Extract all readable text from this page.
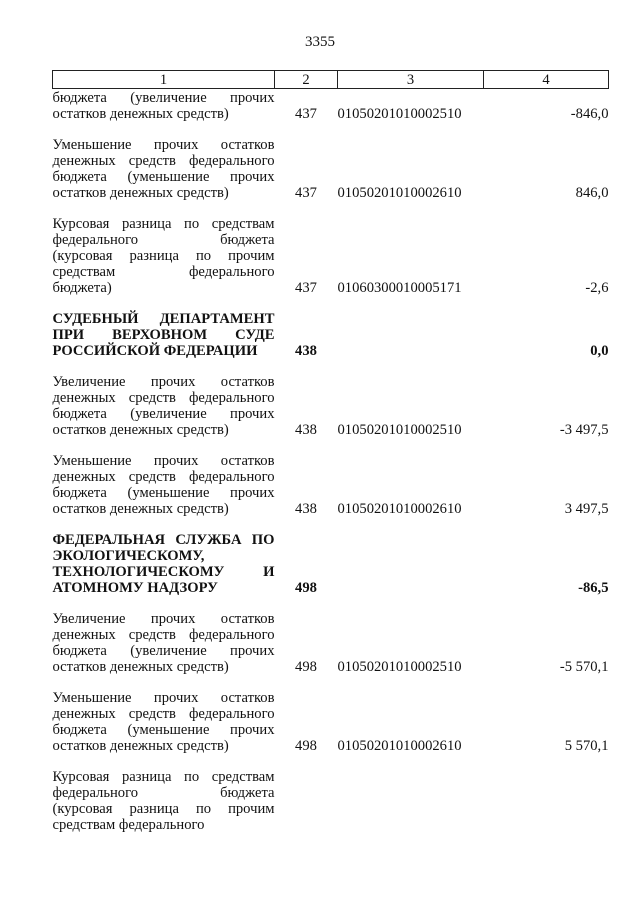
3355
1	2	3	4

бюджета (увеличение прочих
остатков денежных средств)	437	01050201010002510	-846,0

Уменьшение прочих остатков
денежных средств федерального
бюджета (уменьшение прочих
остатков денежных средств)	437	01050201010002610	846,0

Курсовая разница по средствам
федерального бюджета
(курсовая разница по прочим
средствам федерального
бюджета)	437	01060300010005171	-2,6

СУДЕБНЫЙ ДЕПАРТАМЕНТ
ПРИ ВЕРХОВНОМ СУДЕ
РОССИЙСКОЙ ФЕДЕРАЦИИ	438		0,0

Увеличение прочих остатков
денежных средств федерального
бюджета (увеличение прочих
остатков денежных средств)	438	01050201010002510	-3 497,5

Уменьшение прочих остатков
денежных средств федерального
бюджета (уменьшение прочих
остатков денежных средств)	438	01050201010002610	3 497,5

ФЕДЕРАЛЬНАЯ СЛУЖБА ПО
ЭКОЛОГИЧЕСКОМУ,
ТЕХНОЛОГИЧЕСКОМУ И
АТОМНОМУ НАДЗОРУ	498		-86,5

Увеличение прочих остатков
денежных средств федерального
бюджета (увеличение прочих
остатков денежных средств)	498	01050201010002510	-5 570,1

Уменьшение прочих остатков
денежных средств федерального
бюджета (уменьшение прочих
остатков денежных средств)	498	01050201010002610	5 570,1

Курсовая разница по средствам
федерального бюджета
(курсовая разница по прочим
средствам федерального			
